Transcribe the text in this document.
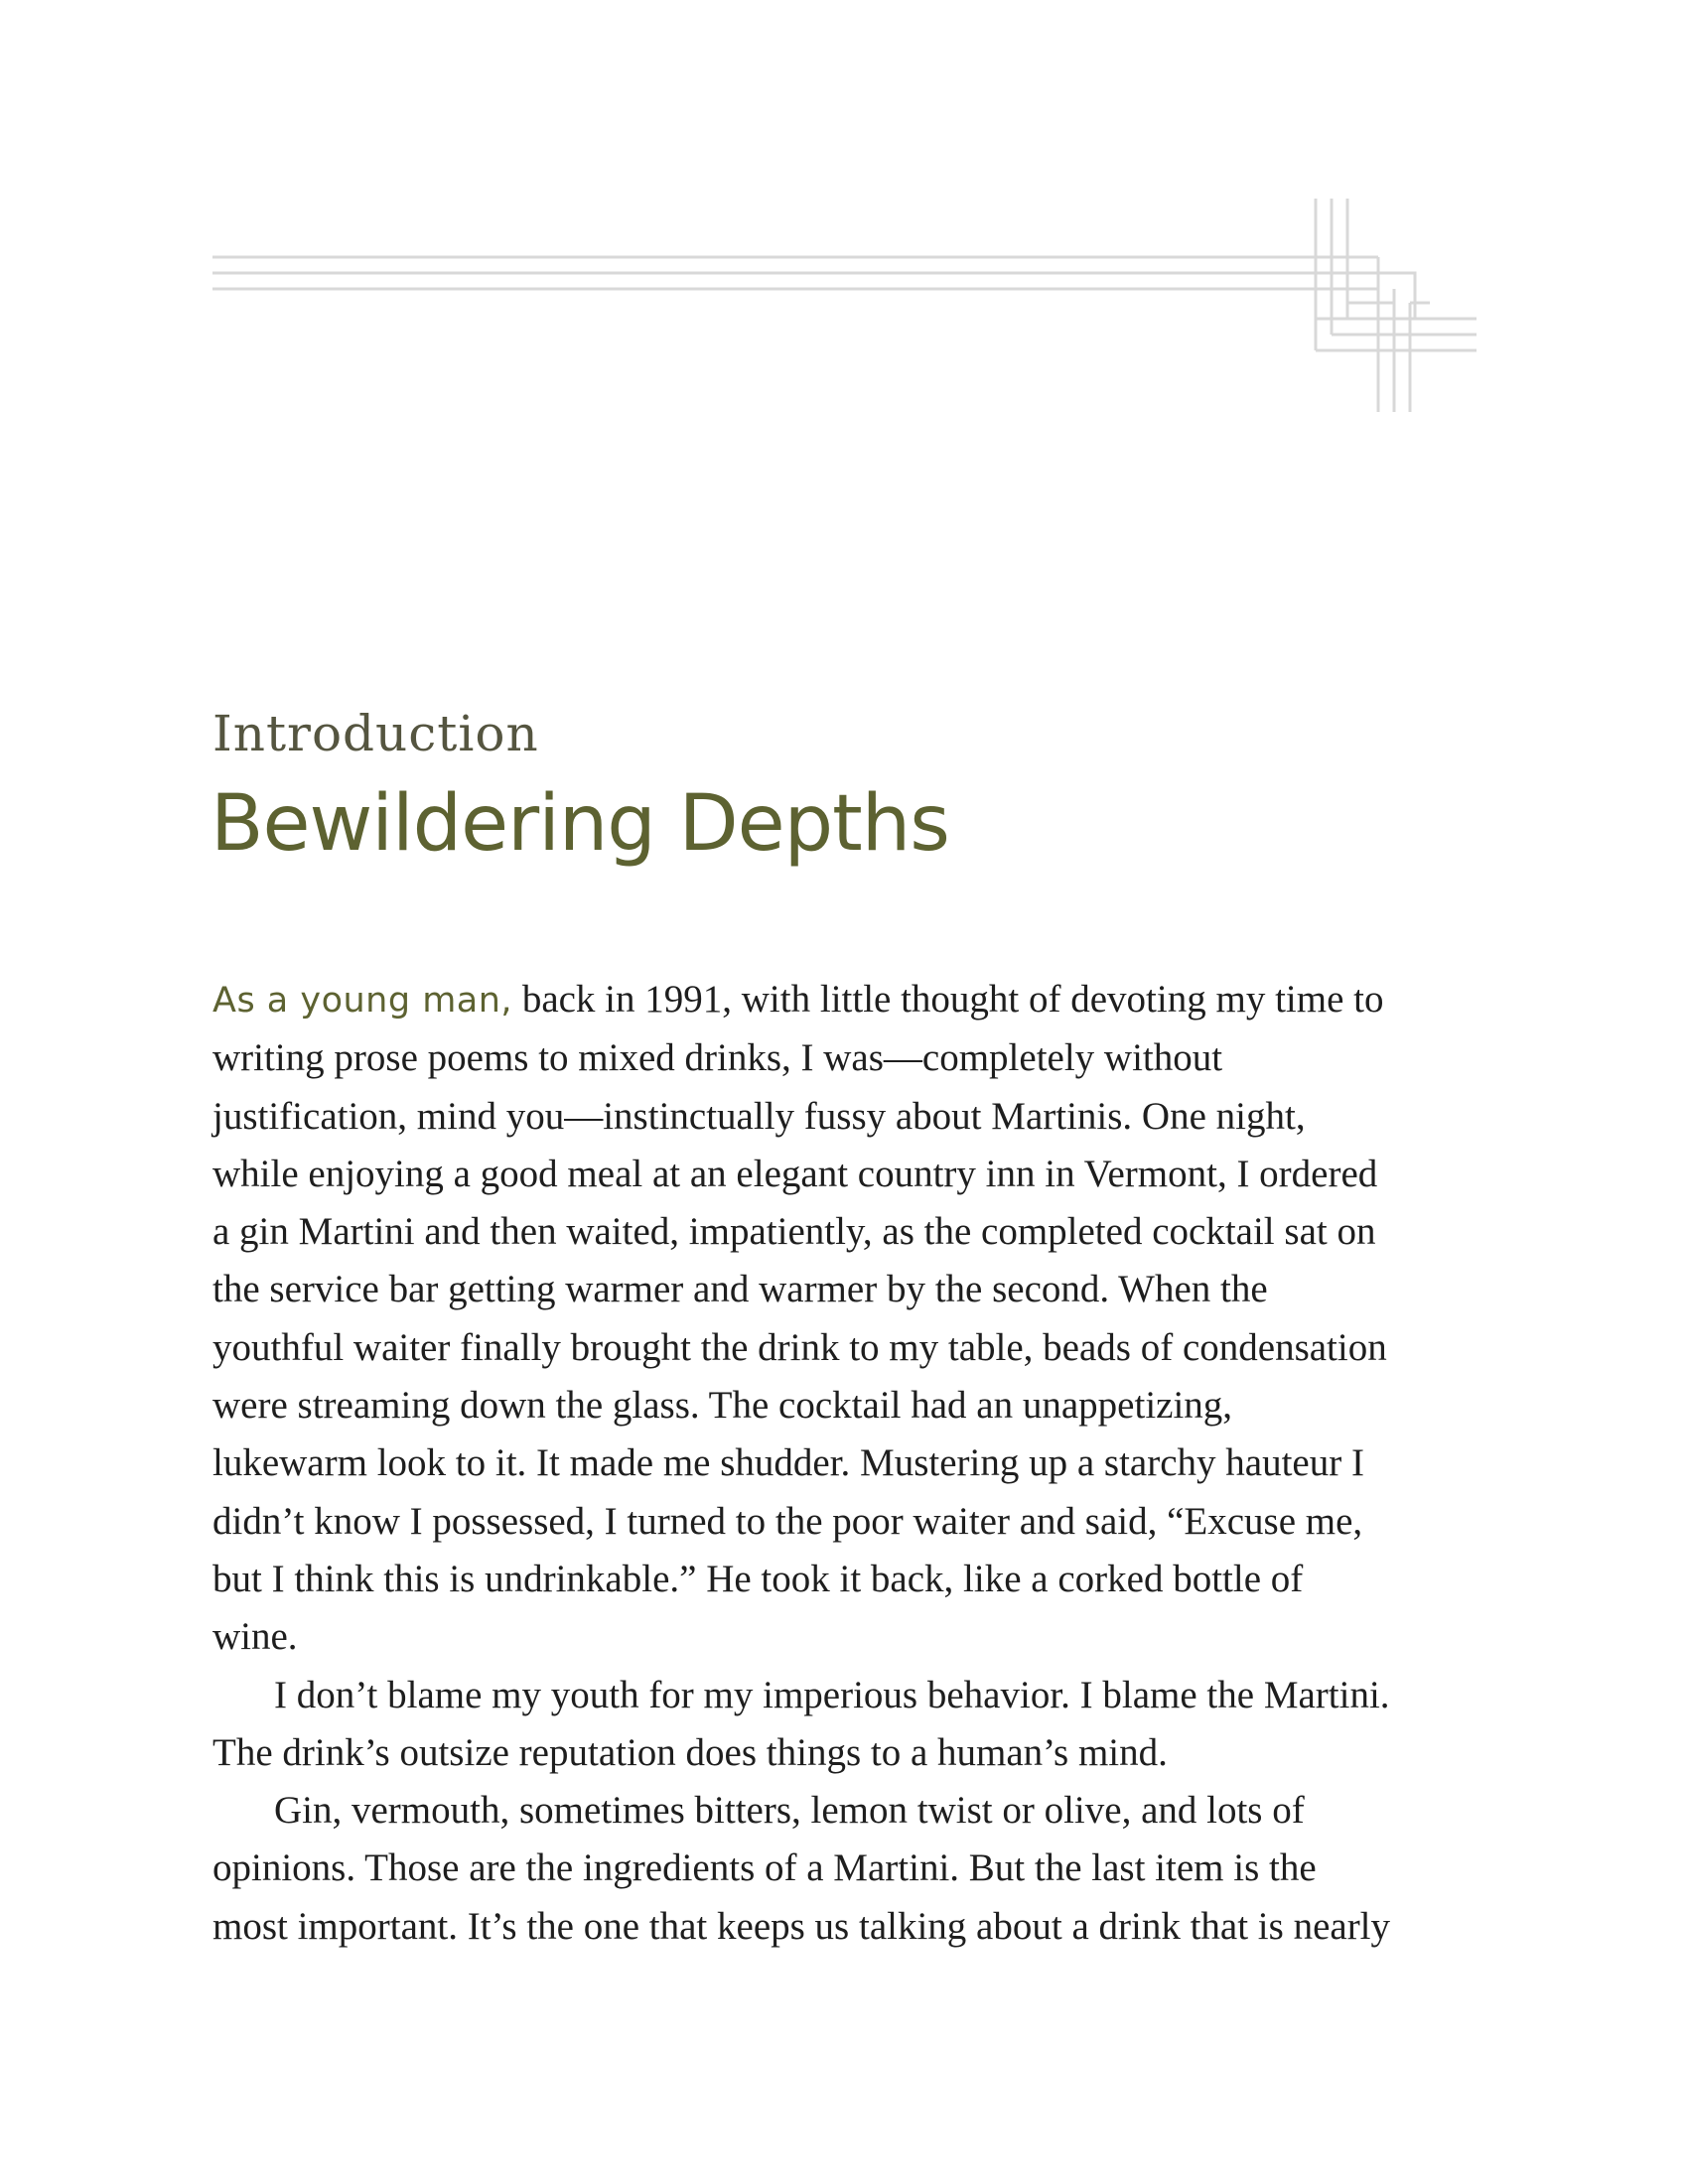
Introduction
Bewildering Depths

As a young man, back in 1991, with little thought of devoting my time to
writing prose poems to mixed drinks, I was—completely without
justification, mind you—instinctually fussy about Martinis. One night,
while enjoying a good meal at an elegant country inn in Vermont, I ordered
a gin Martini and then waited, impatiently, as the completed cocktail sat on
the service bar getting warmer and warmer by the second. When the
youthful waiter finally brought the drink to my table, beads of condensation
were streaming down the glass. The cocktail had an unappetizing,
lukewarm look to it. It made me shudder. Mustering up a starchy hauteur I
didn’t know I possessed, I turned to the poor waiter and said, “Excuse me,
but I think this is undrinkable.” He took it back, like a corked bottle of
wine.

I don’t blame my youth for my imperious behavior. I blame the Martini.
The drink’s outsize reputation does things to a human’s mind.

Gin, vermouth, sometimes bitters, lemon twist or olive, and lots of
opinions. Those are the ingredients of a Martini. But the last item is the
most important. It’s the one that keeps us talking about a drink that is nearly
